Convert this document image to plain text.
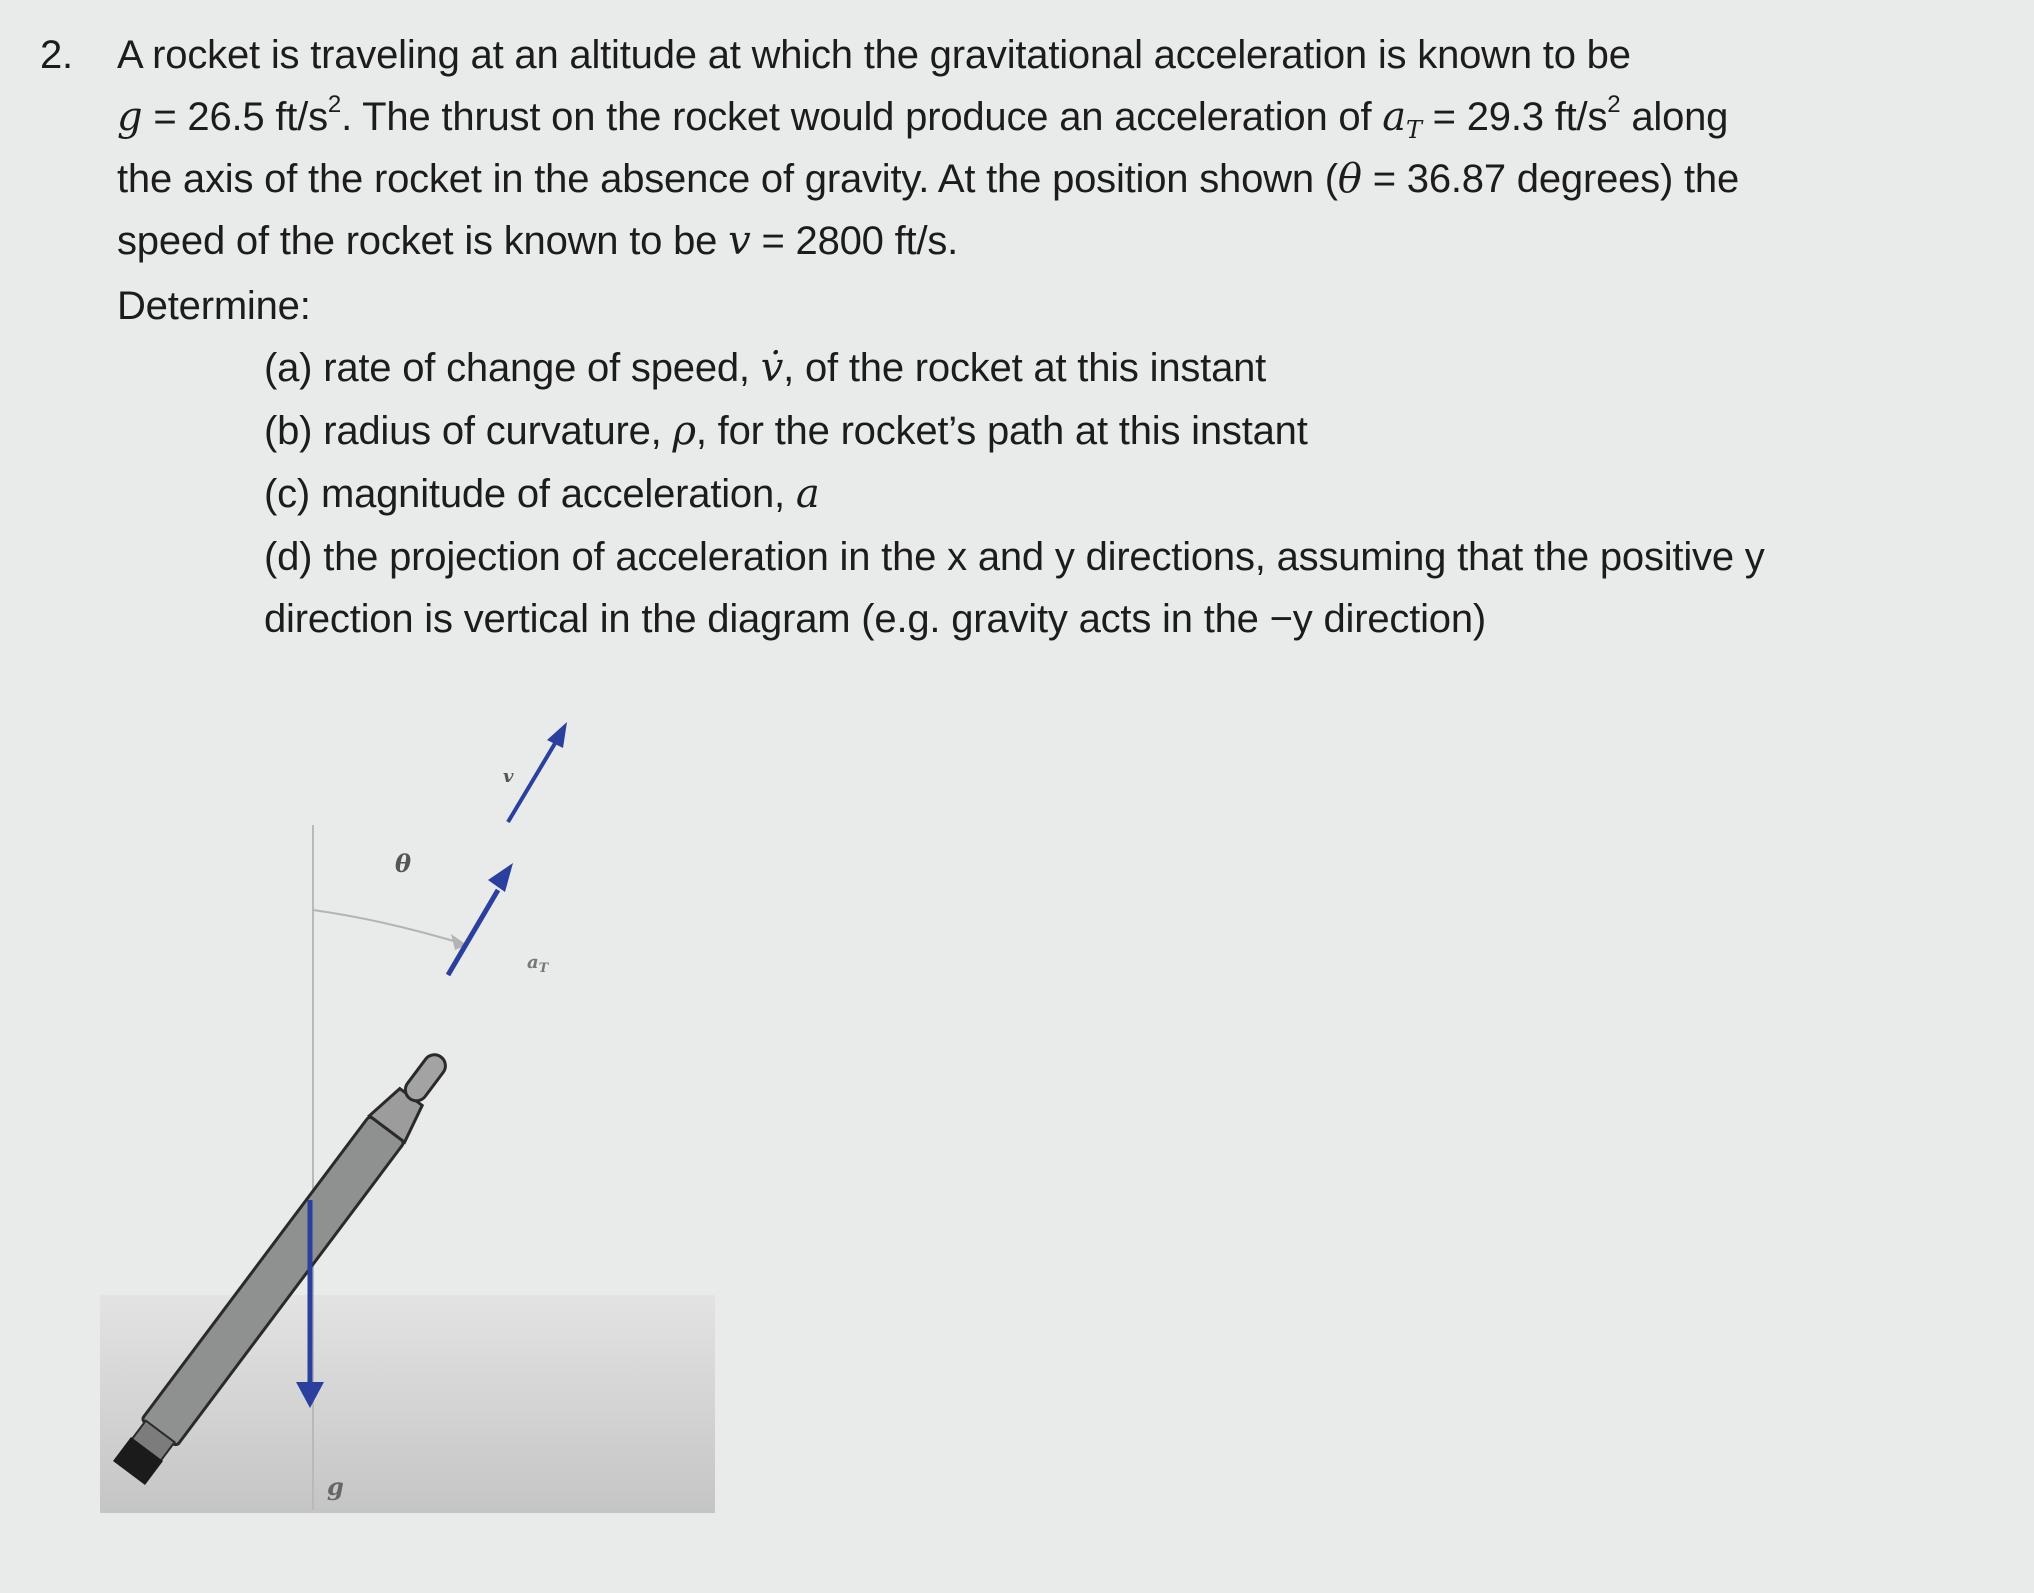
2. A rocket is traveling at an altitude at which the gravitational acceleration is known to be
g = 26.5 $ft/s^2$. The thrust on the rocket would produce an acceleration of $a_T = 29.3$ $ft/s^2$ along
the axis of the rocket in the absence of gravity. At the position shown (θ = 36.87 degrees) the
speed of the rocket is known to be v = 2800 ft/s.
Determine:
(a) rate of change of speed, v̇, of the rocket at this instant
(b) radius of curvature, ρ, for the rocket’s path at this instant
(c) magnitude of acceleration, a
(d) the projection of acceleration in the x and y directions, assuming that the positive y
direction is vertical in the diagram (e.g. gravity acts in the −y direction)
v
θ
$a_T$
g
